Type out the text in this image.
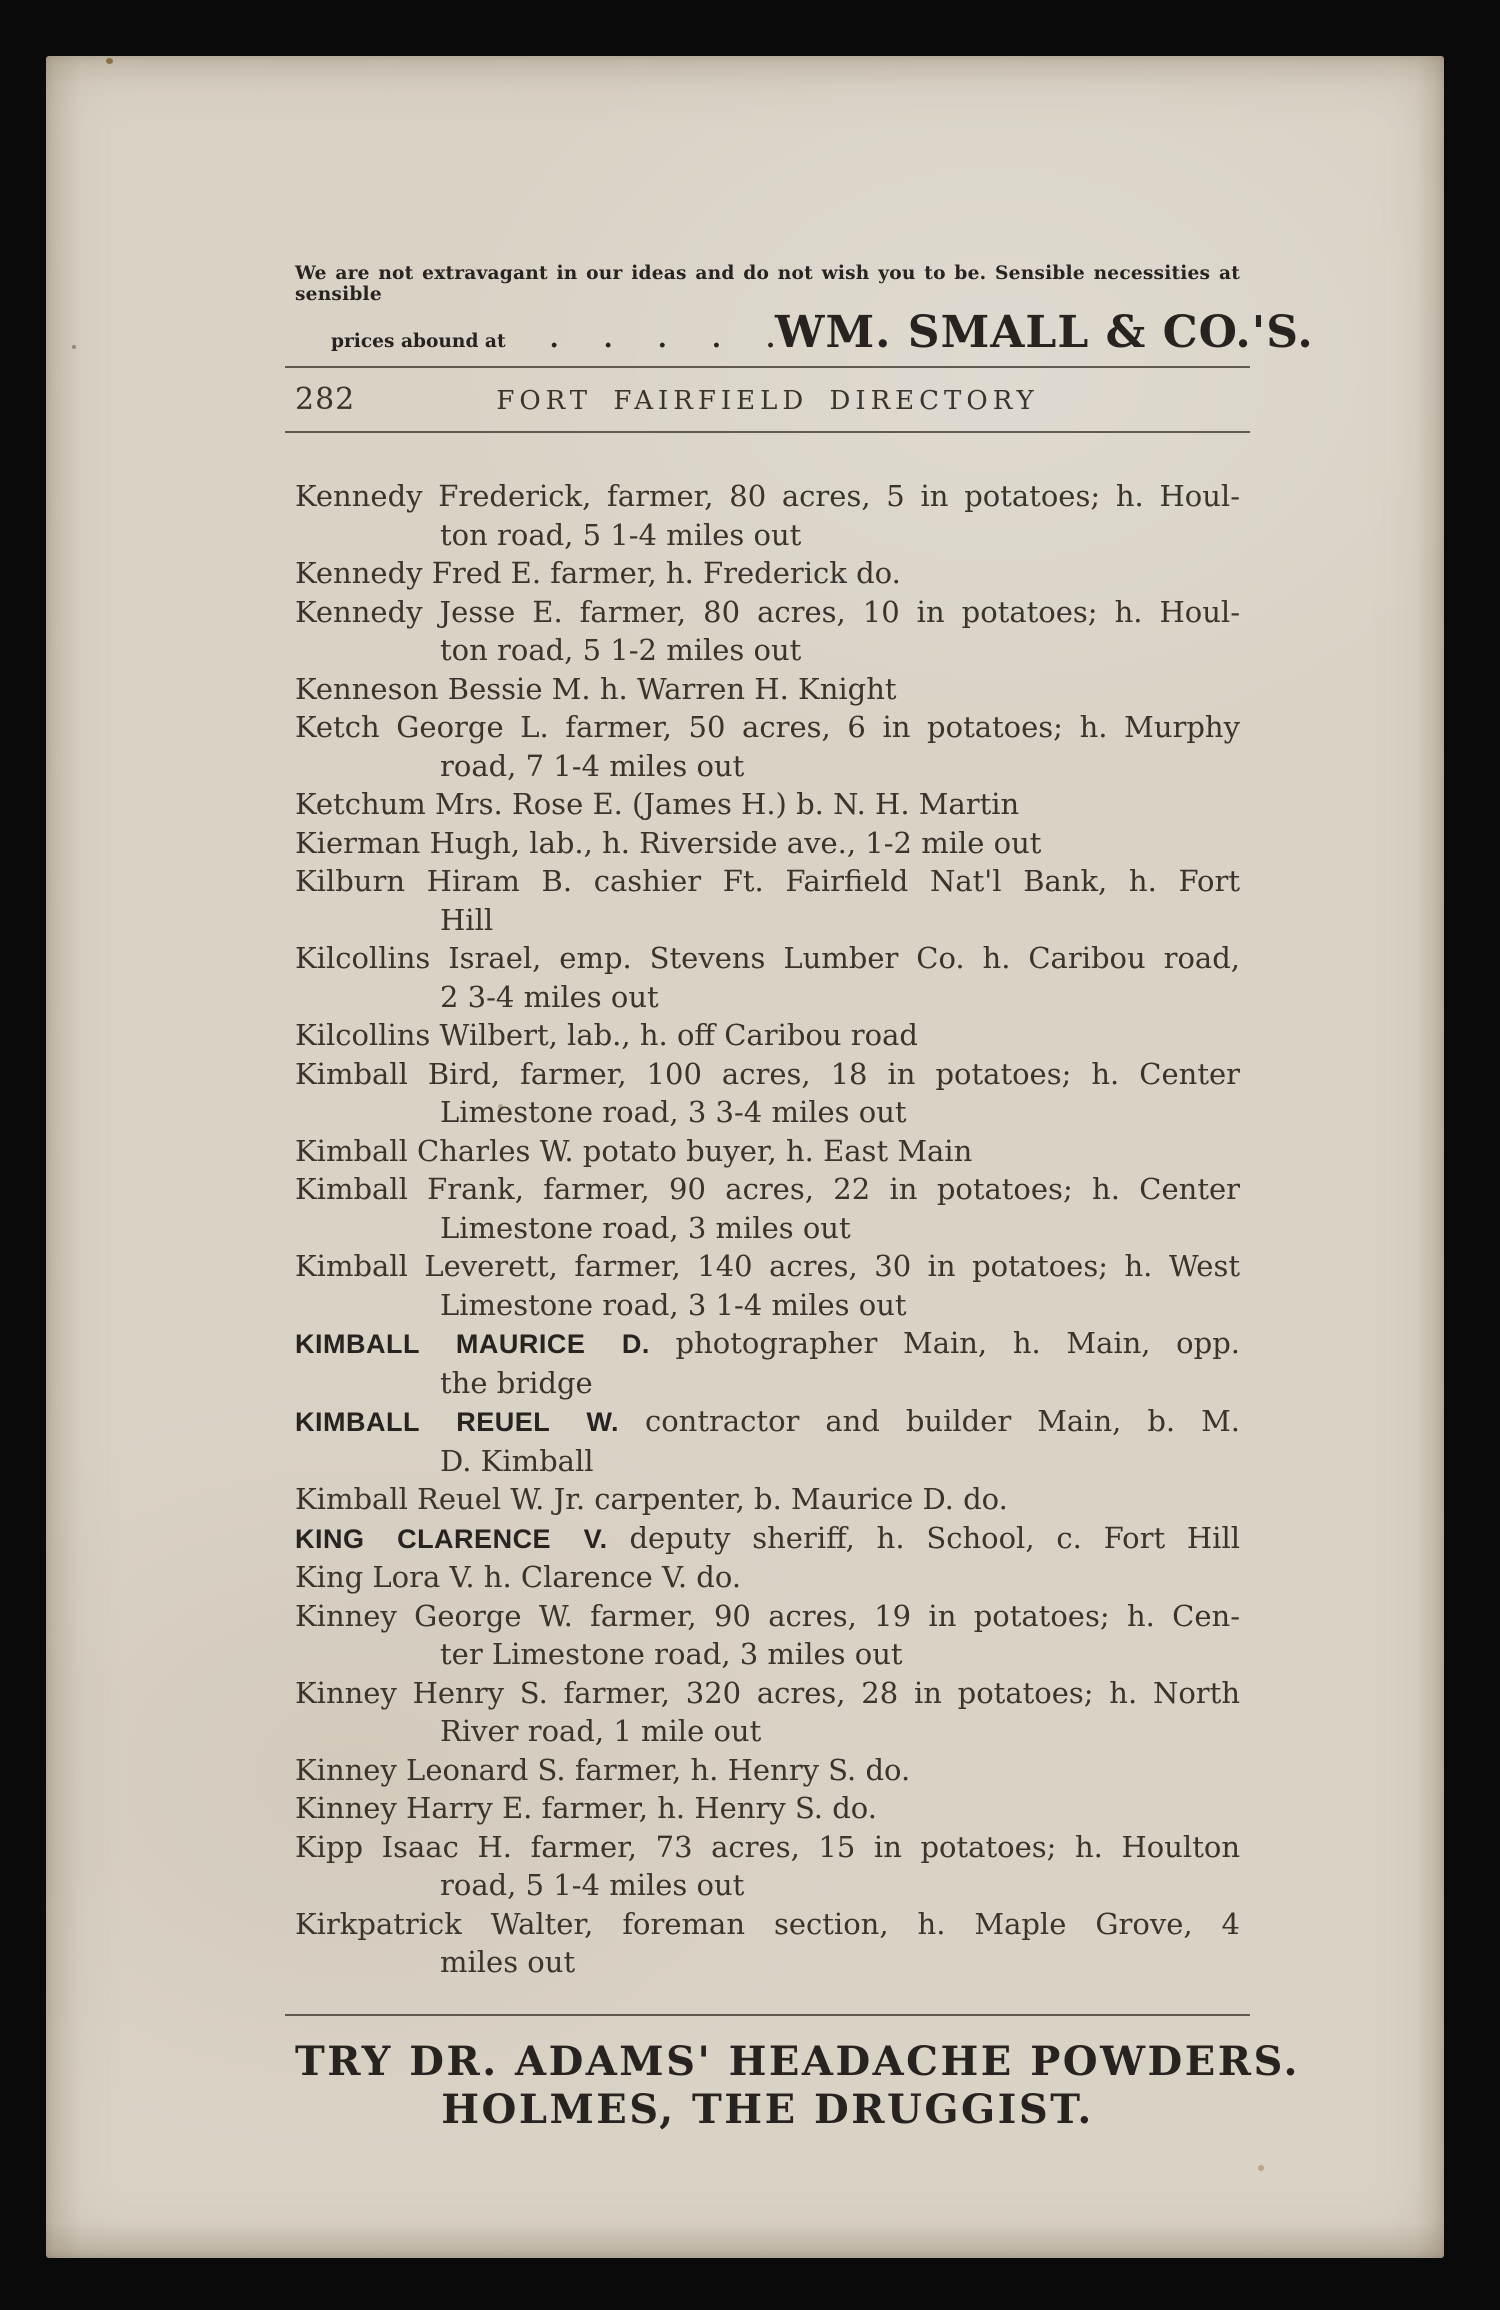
We are not extravagant in our ideas and do not wish you to be. Sensible necessities at sensible
prices abound at . . . . . WM. SMALL & CO.'S.
282	FORT FAIRFIELD DIRECTORY
Kennedy Frederick, farmer, 80 acres, 5 in potatoes; h. Houl-
ton road, 5 1-4 miles out
Kennedy Fred E. farmer, h. Frederick do.
Kennedy Jesse E. farmer, 80 acres, 10 in potatoes; h. Houl-
ton road, 5 1-2 miles out
Kenneson Bessie M. h. Warren H. Knight
Ketch George L. farmer, 50 acres, 6 in potatoes; h. Murphy
road, 7 1-4 miles out
Ketchum Mrs. Rose E. (James H.) b. N. H. Martin
Kierman Hugh, lab., h. Riverside ave., 1-2 mile out
Kilburn Hiram B. cashier Ft. Fairfield Nat'l Bank, h. Fort
Hill
Kilcollins Israel, emp. Stevens Lumber Co. h. Caribou road,
2 3-4 miles out
Kilcollins Wilbert, lab., h. off Caribou road
Kimball Bird, farmer, 100 acres, 18 in potatoes; h. Center
Limestone road, 3 3-4 miles out
Kimball Charles W. potato buyer, h. East Main
Kimball Frank, farmer, 90 acres, 22 in potatoes; h. Center
Limestone road, 3 miles out
Kimball Leverett, farmer, 140 acres, 30 in potatoes; h. West
Limestone road, 3 1-4 miles out
KIMBALL MAURICE D. photographer Main, h. Main, opp.
the bridge
KIMBALL REUEL W. contractor and builder Main, b. M.
D. Kimball
Kimball Reuel W. Jr. carpenter, b. Maurice D. do.
KING CLARENCE V. deputy sheriff, h. School, c. Fort Hill
King Lora V. h. Clarence V. do.
Kinney George W. farmer, 90 acres, 19 in potatoes; h. Cen-
ter Limestone road, 3 miles out
Kinney Henry S. farmer, 320 acres, 28 in potatoes; h. North
River road, 1 mile out
Kinney Leonard S. farmer, h. Henry S. do.
Kinney Harry E. farmer, h. Henry S. do.
Kipp Isaac H. farmer, 73 acres, 15 in potatoes; h. Houlton
road, 5 1-4 miles out
Kirkpatrick Walter, foreman section, h. Maple Grove, 4
miles out
TRY DR. ADAMS' HEADACHE POWDERS.
HOLMES, THE DRUGGIST.
